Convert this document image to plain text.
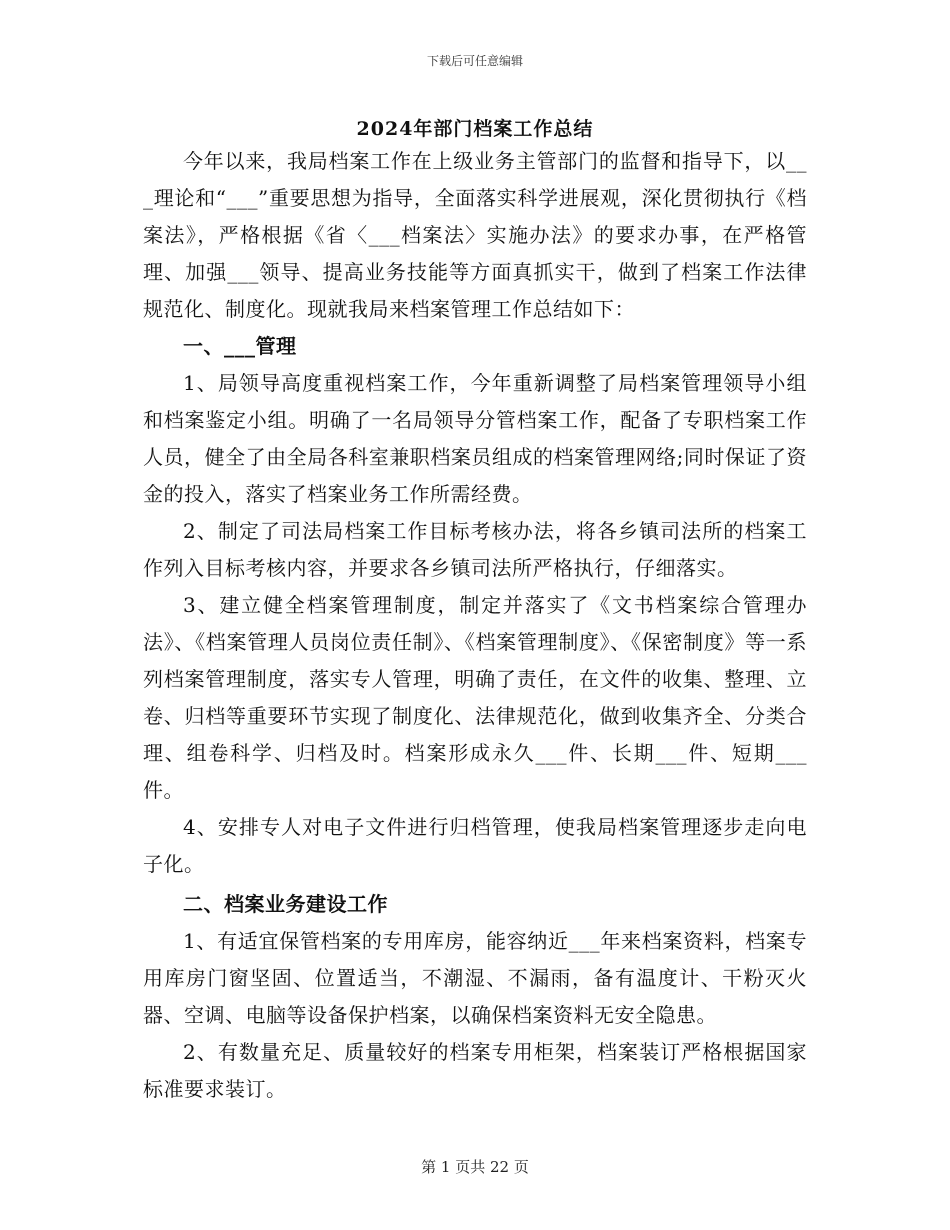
下载后可任意编辑
2024年部门档案工作总结

今年以来，我局档案工作在上级业务主管部门的监督和指导下，以___理论和“___”重要思想为指导，全面落实科学进展观，深化贯彻执行《档案法》，严格根据《省〈___档案法〉实施办法》的要求办事，在严格管理、加强___领导、提高业务技能等方面真抓实干，做到了档案工作法律规范化、制度化。现就我局来档案管理工作总结如下：

一、___管理

1、局领导高度重视档案工作，今年重新调整了局档案管理领导小组和档案鉴定小组。明确了一名局领导分管档案工作，配备了专职档案工作人员，健全了由全局各科室兼职档案员组成的档案管理网络;同时保证了资金的投入，落实了档案业务工作所需经费。

2、制定了司法局档案工作目标考核办法，将各乡镇司法所的档案工作列入目标考核内容，并要求各乡镇司法所严格执行，仔细落实。

3、建立健全档案管理制度，制定并落实了《文书档案综合管理办法》、《档案管理人员岗位责任制》、《档案管理制度》、《保密制度》等一系列档案管理制度，落实专人管理，明确了责任，在文件的收集、整理、立卷、归档等重要环节实现了制度化、法律规范化，做到收集齐全、分类合理、组卷科学、归档及时。档案形成永久___件、长期___件、短期___件。

4、安排专人对电子文件进行归档管理，使我局档案管理逐步走向电子化。

二、档案业务建设工作

1、有适宜保管档案的专用库房，能容纳近___年来档案资料，档案专用库房门窗坚固、位置适当，不潮湿、不漏雨，备有温度计、干粉灭火器、空调、电脑等设备保护档案，以确保档案资料无安全隐患。

2、有数量充足、质量较好的档案专用柜架，档案装订严格根据国家标准要求装订。

第 1 页共 22 页
